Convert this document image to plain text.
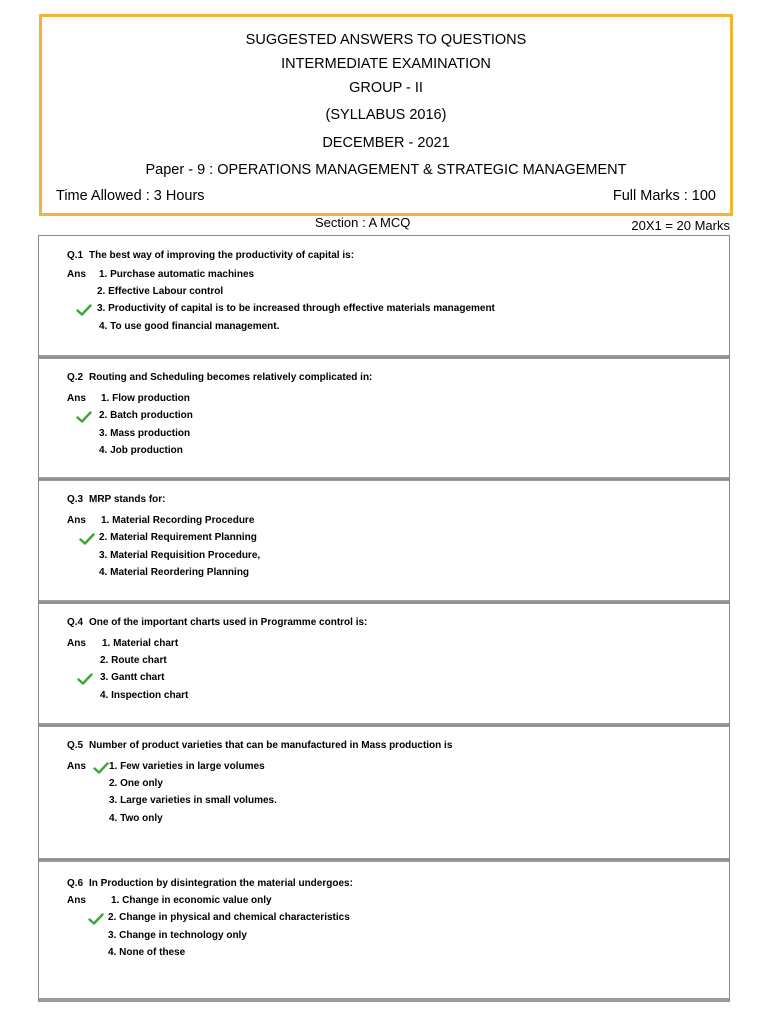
SUGGESTED ANSWERS TO QUESTIONS
INTERMEDIATE EXAMINATION
GROUP - II
(SYLLABUS 2016)
DECEMBER - 2021
Paper - 9 : OPERATIONS MANAGEMENT & STRATEGIC MANAGEMENT
Time Allowed : 3 Hours	Full Marks : 100
Section : A MCQ	20X1 = 20 Marks
Q.1 The best way of improving the productivity of capital is:
Ans 1. Purchase automatic machines
2. Effective Labour control
3. Productivity of capital is to be increased through effective materials management
4. To use good financial management.
Q.2 Routing and Scheduling becomes relatively complicated in:
Ans 1. Flow production
2. Batch production
3. Mass production
4. Job production
Q.3 MRP stands for:
Ans 1. Material Recording Procedure
2. Material Requirement Planning
3. Material Requisition Procedure,
4. Material Reordering Planning
Q.4 One of the important charts used in Programme control is:
Ans 1. Material chart
2. Route chart
3. Gantt chart
4. Inspection chart
Q.5 Number of product varieties that can be manufactured in Mass production is
Ans 1. Few varieties in large volumes
2. One only
3. Large varieties in small volumes.
4. Two only
Q.6 In Production by disintegration the material undergoes:
Ans	1. Change in economic value only
2. Change in physical and chemical characteristics
3. Change in technology only
4. None of these
